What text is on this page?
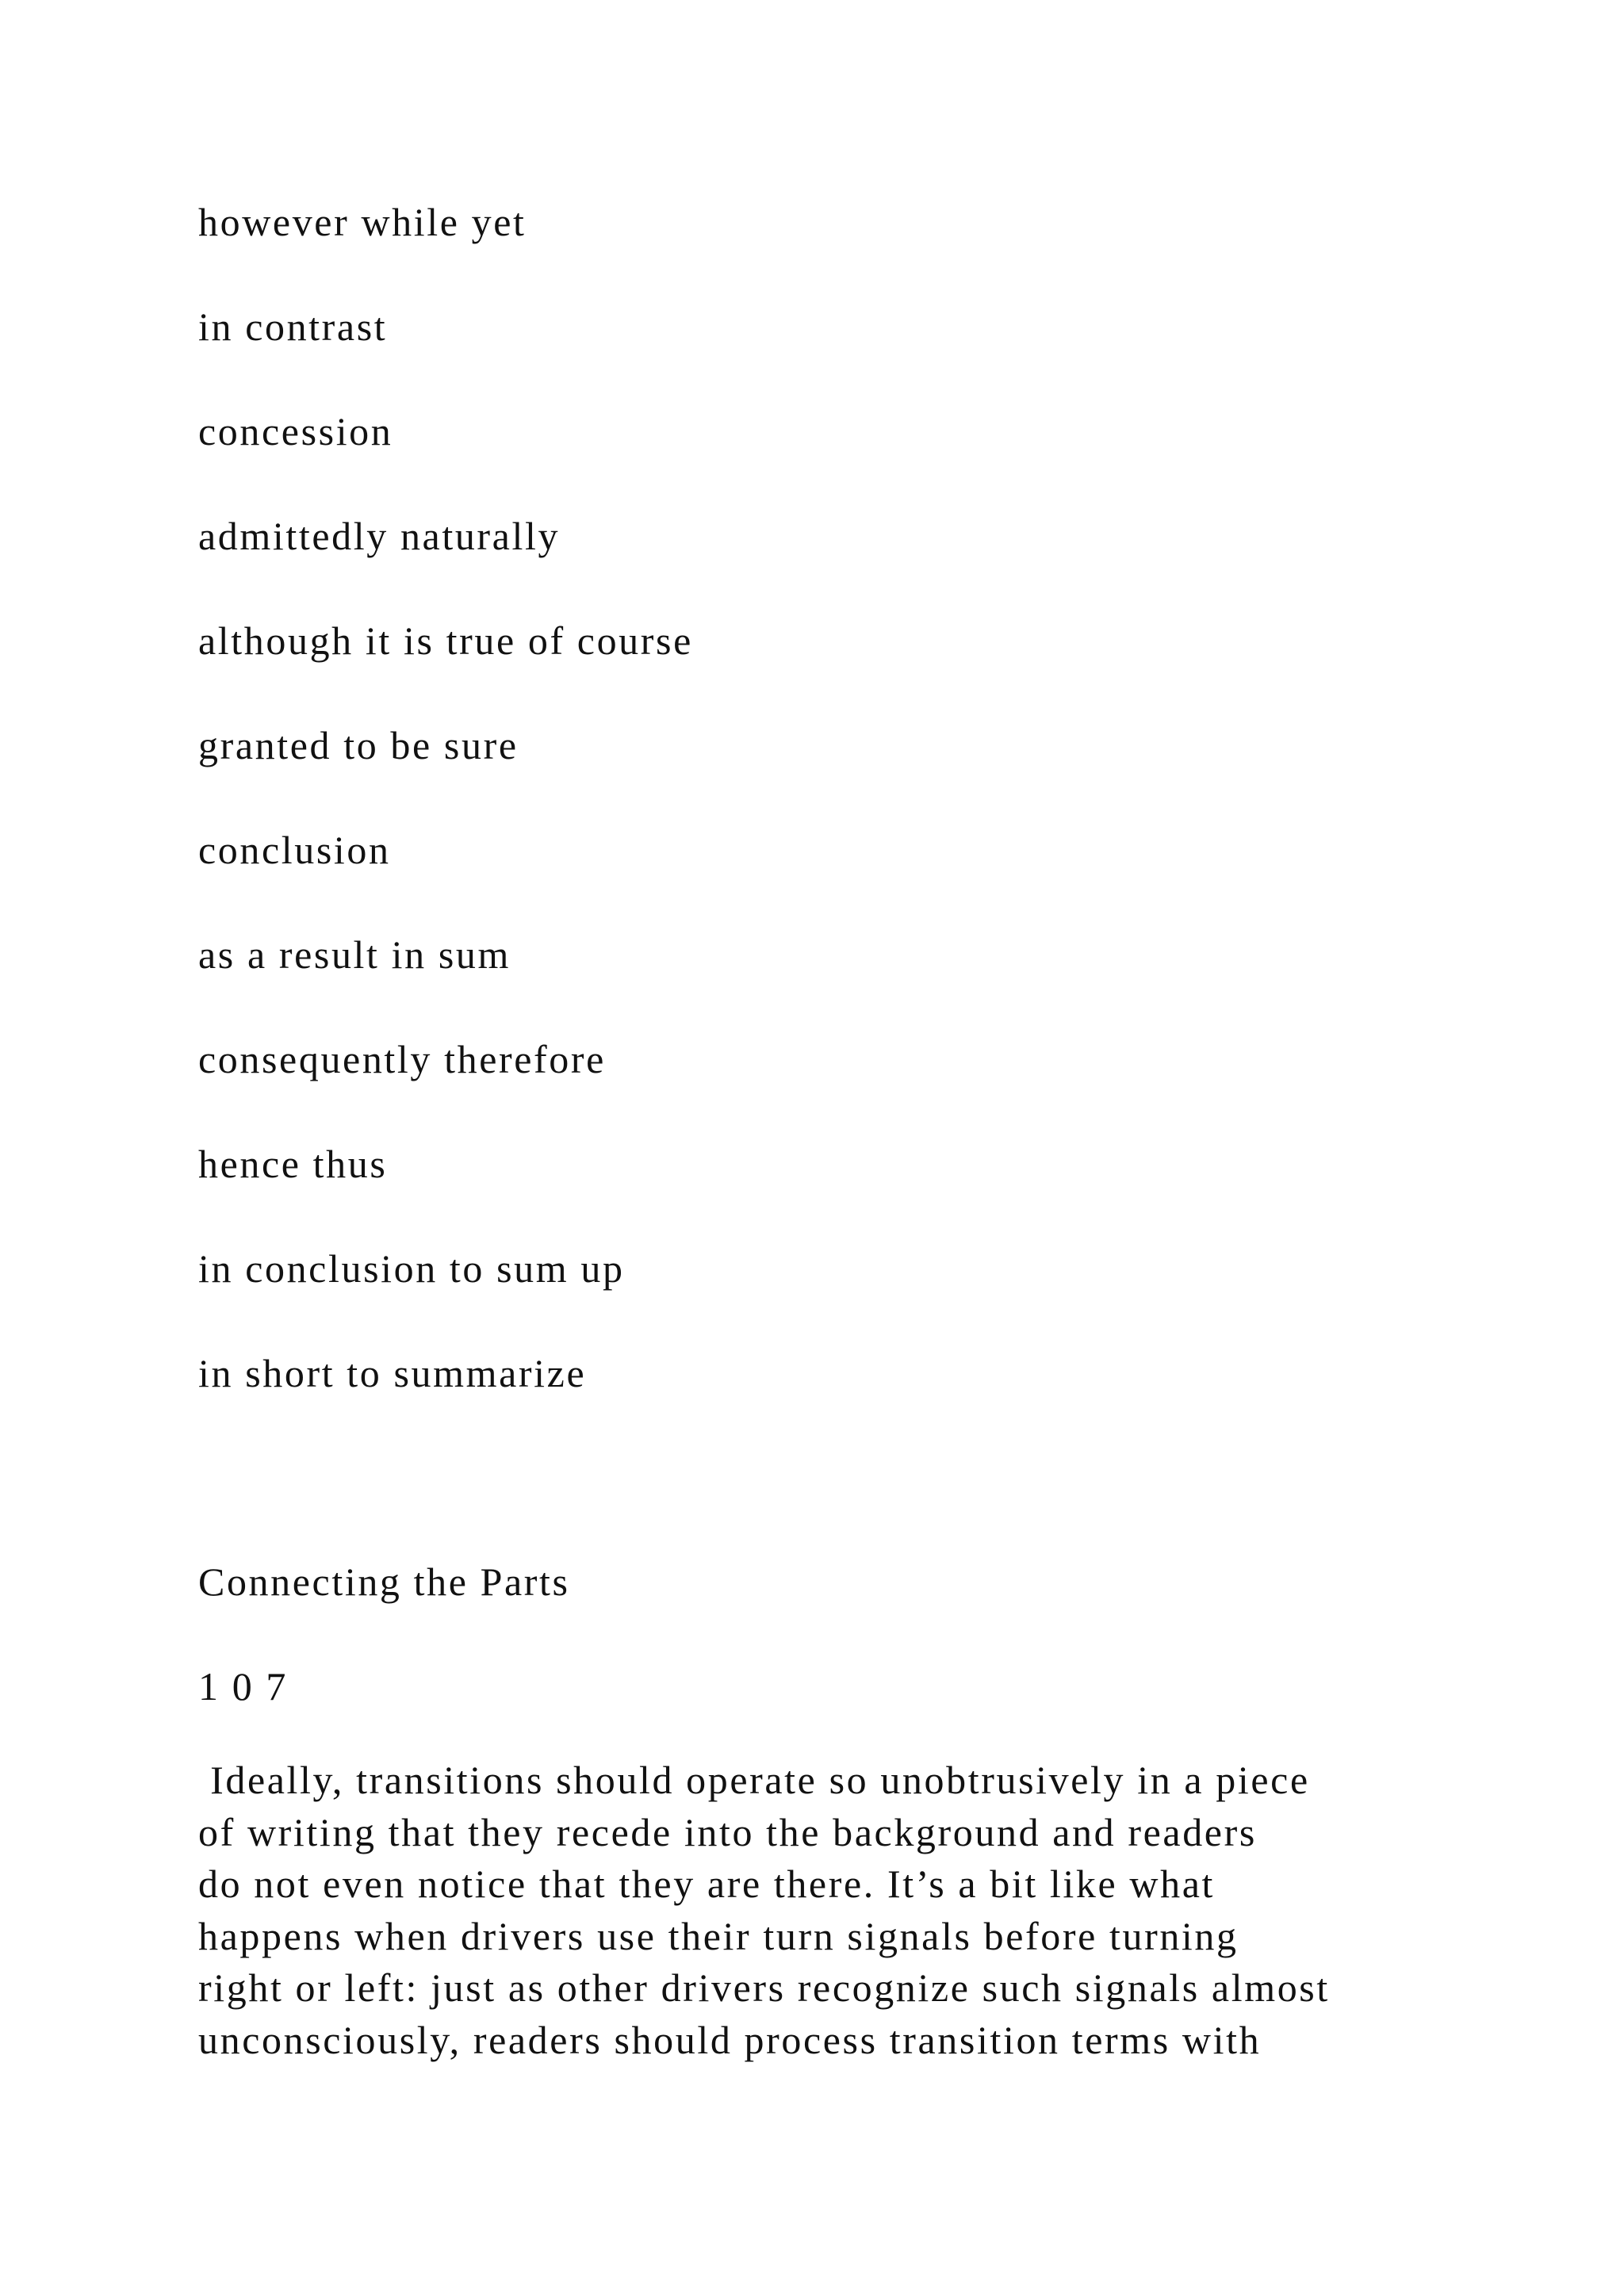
however while yet

in contrast

concession

admittedly naturally

although it is true of course

granted to be sure

conclusion

as a result in sum

consequently therefore

hence thus

in conclusion to sum up

in short to summarize

Connecting the Parts

1 0 7

Ideally, transitions should operate so unobtrusively in a piece
of writing that they recede into the background and readers
do not even notice that they are there. It’s a bit like what
happens when drivers use their turn signals before turning
right or left: just as other drivers recognize such signals almost
unconsciously, readers should process transition terms with
